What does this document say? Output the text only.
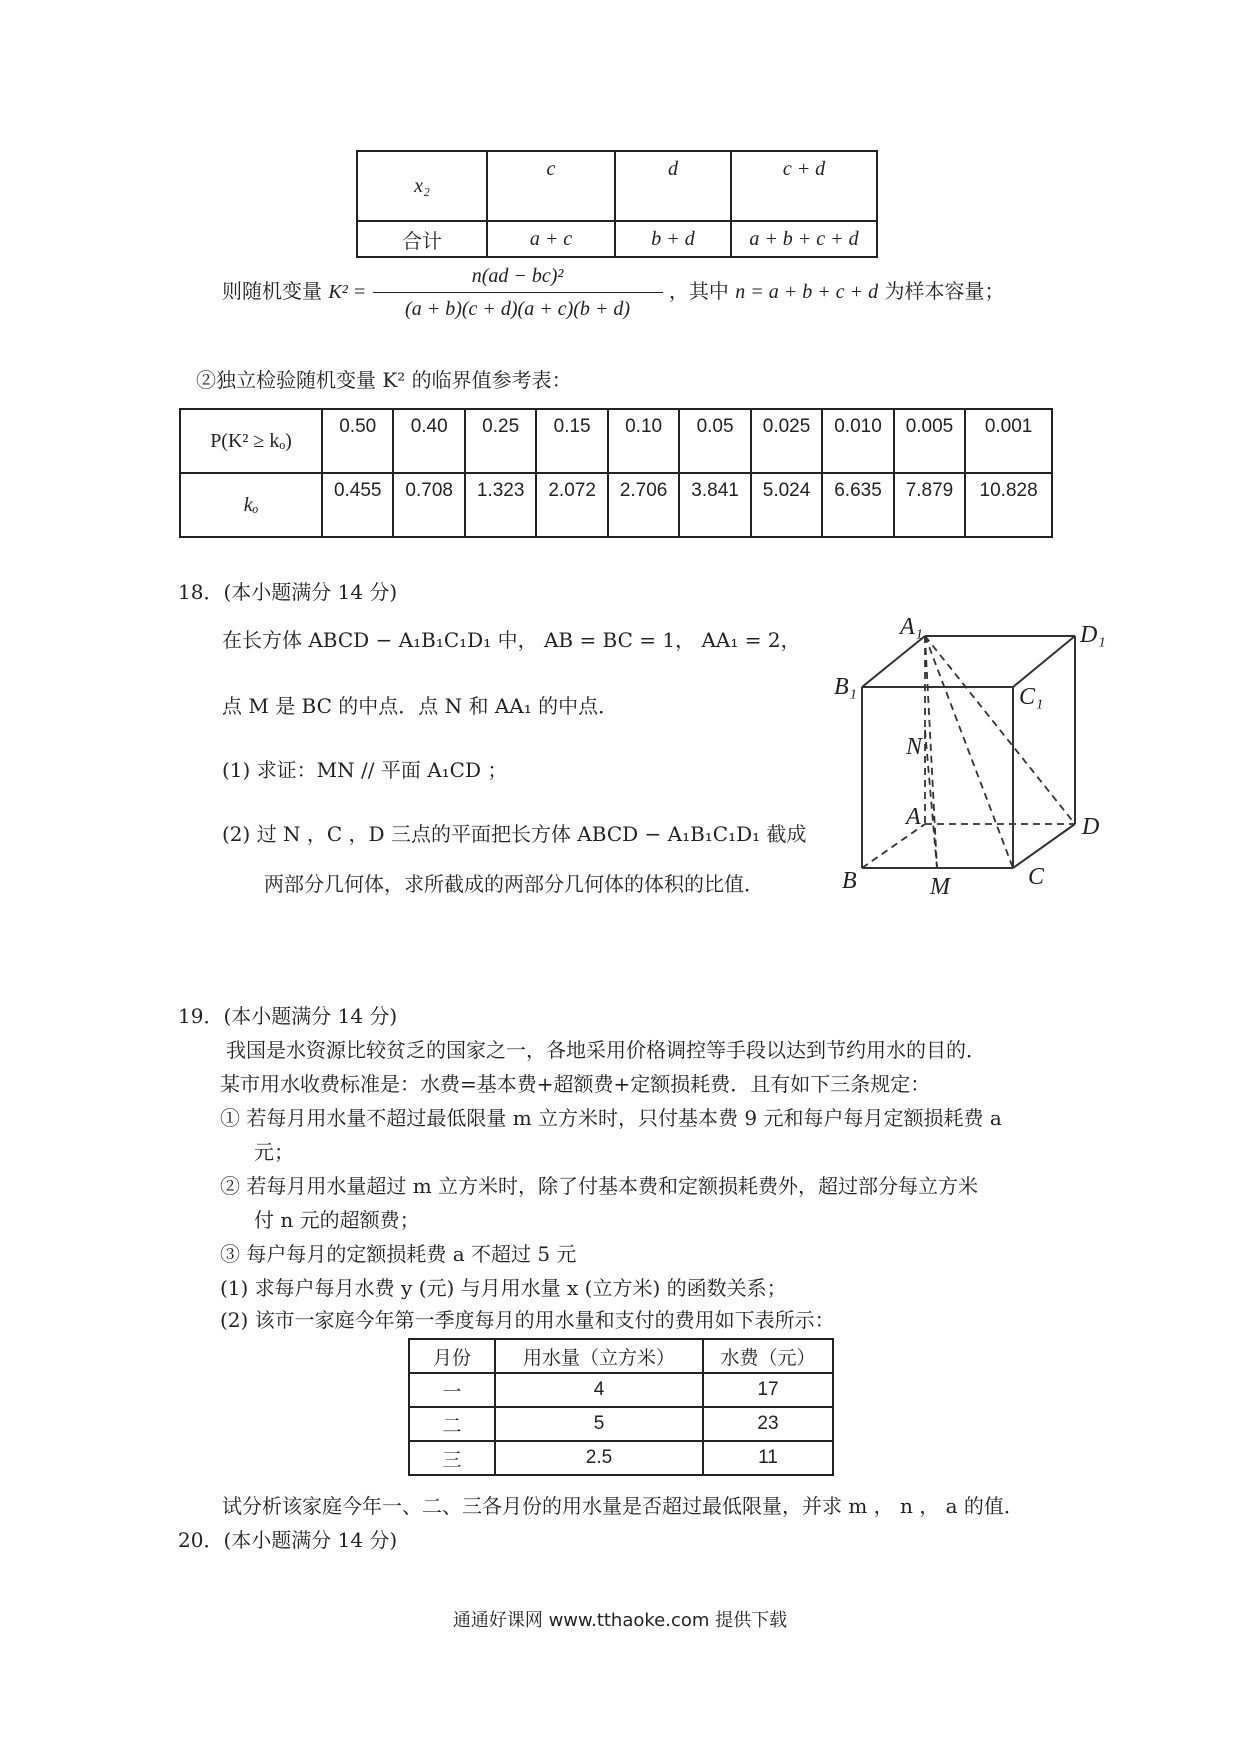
x₂	c	d	c + d
合计	a + c	b + d	a + b + c + d
则随机变量 $K^2 = \frac{\text{n(ad − bc)²}}{(a + b)(c + d)(a + c)(b + d)}$ ，其中 n = a + b + c + d 为样本容量；
②独立检验随机变量 K² 的临界值参考表：
P(K² ≥ kₒ)	0.50	0.40	0.25	0.15	0.10	0.05	0.025	0.010	0.005	0.001
kₒ	0.455	0.708	1.323	2.072	2.706	3.841	5.024	6.635	7.879	10.828
18．(本小题满分 14 分)
在长方体 ABCD − A₁B₁C₁D₁ 中， AB = BC = 1， AA₁ = 2，
点 M 是 BC 的中点．点 N 和 AA₁ 的中点．
(1) 求证：MN // 平面 A₁CD ；
(2) 过 N ，C ，D 三点的平面把长方体 ABCD − A₁B₁C₁D₁ 截成
两部分几何体，求所截成的两部分几何体的体积的比值．
A₁	D₁
B₁	C₁
N
A	D
B	M	C
19．(本小题满分 14 分)
我国是水资源比较贫乏的国家之一，各地采用价格调控等手段以达到节约用水的目的．
某市用水收费标准是：水费=基本费+超额费+定额损耗费．且有如下三条规定：
① 若每月用水量不超过最低限量 m 立方米时，只付基本费 9 元和每户每月定额损耗费 a
元；
② 若每月用水量超过 m 立方米时，除了付基本费和定额损耗费外，超过部分每立方米
付 n 元的超额费；
③ 每户每月的定额损耗费 a 不超过 5 元
(1) 求每户每月水费 y (元) 与月用水量 x (立方米) 的函数关系；
(2) 该市一家庭今年第一季度每月的用水量和支付的费用如下表所示：
月份	用水量（立方米）	水费（元）
一	4	17
二	5	23
三	2.5	11
试分析该家庭今年一、二、三各月份的用水量是否超过最低限量，并求 m ， n ， a 的值．
20．(本小题满分 14 分)
通通好课网 www.tthaoke.com 提供下载
